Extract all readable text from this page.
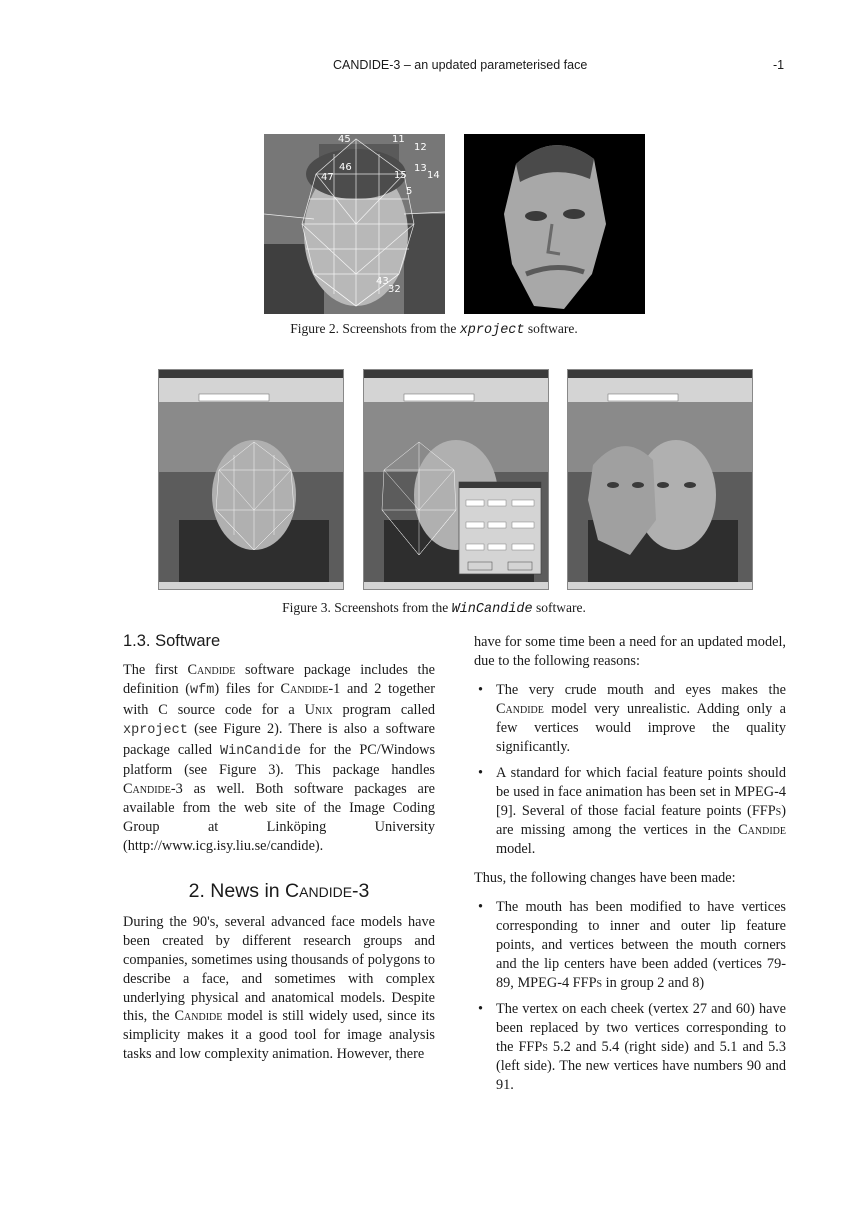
CANDIDE-3 – an updated parameterised face	-1
45	11
12
13
14
46
47	15
5
43
32
Figure 2. Screenshots from the xproject software.
Figure 3. Screenshots from the WinCandide software.
1.3. Software

The first Candide software package includes the definition (wfm) files for Candide-1 and 2 together with C source code for a Unix program called xproject (see Figure 2). There is also a software package called WinCandide for the PC/Windows platform (see Figure 3). This package handles Candide-3 as well. Both software packages are available from the web site of the Image Coding Group at Linköping University (http://www.icg.isy.liu.se/candide).

2. News in Candide-3

During the 90's, several advanced face models have been created by different research groups and companies, sometimes using thousands of polygons to describe a face, and sometimes with complex underlying physical and anatomical models. Despite this, the Candide model is still widely used, since its simplicity makes it a good tool for image analysis tasks and low complexity animation. However, there

have for some time been a need for an updated model, due to the following reasons:

• The very crude mouth and eyes makes the Candide model very unrealistic. Adding only a few vertices would improve the quality significantly.
• A standard for which facial feature points should be used in face animation has been set in MPEG-4 [9]. Several of those facial feature points (FFPs) are missing among the vertices in the Candide model.

Thus, the following changes have been made:

• The mouth has been modified to have vertices corresponding to inner and outer lip feature points, and vertices between the mouth corners and the lip centers have been added (vertices 79-89, MPEG-4 FFPs in group 2 and 8)
• The vertex on each cheek (vertex 27 and 60) have been replaced by two vertices corresponding to the FFPs 5.2 and 5.4 (right side) and 5.1 and 5.3 (left side). The new vertices have numbers 90 and 91.
